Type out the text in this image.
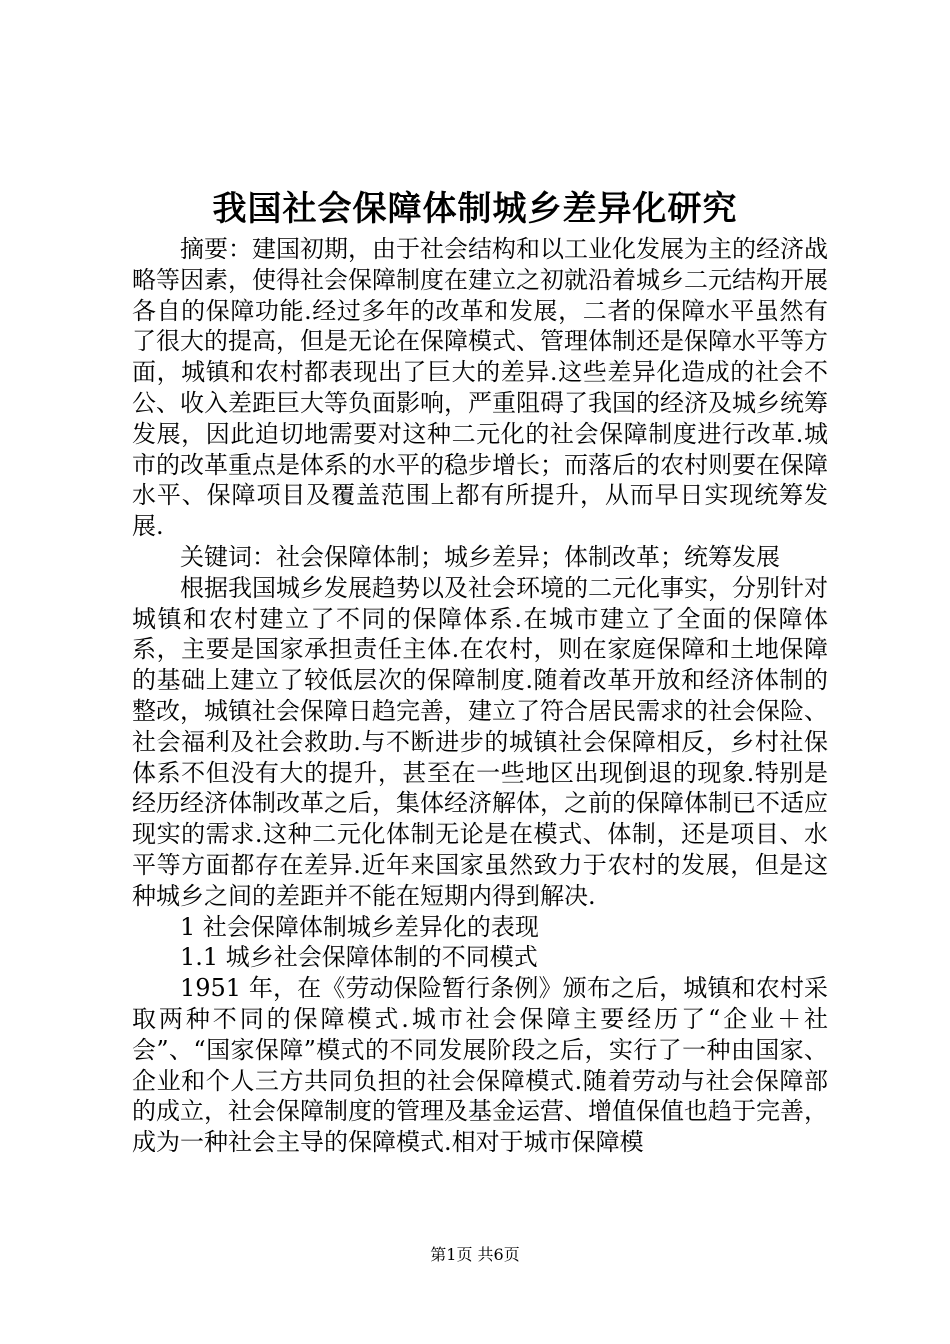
我国社会保障体制城乡差异化研究

摘要：建国初期，由于社会结构和以工业化发展为主的经济战略等因素，使得社会保障制度在建立之初就沿着城乡二元结构开展各自的保障功能.经过多年的改革和发展，二者的保障水平虽然有了很大的提高，但是无论在保障模式、管理体制还是保障水平等方面，城镇和农村都表现出了巨大的差异.这些差异化造成的社会不公、收入差距巨大等负面影响，严重阻碍了我国的经济及城乡统筹发展，因此迫切地需要对这种二元化的社会保障制度进行改革.城市的改革重点是体系的水平的稳步增长；而落后的农村则要在保障水平、保障项目及覆盖范围上都有所提升，从而早日实现统筹发展.

关键词：社会保障体制；城乡差异；体制改革；统筹发展

根据我国城乡发展趋势以及社会环境的二元化事实，分别针对城镇和农村建立了不同的保障体系.在城市建立了全面的保障体系，主要是国家承担责任主体.在农村，则在家庭保障和土地保障的基础上建立了较低层次的保障制度.随着改革开放和经济体制的整改，城镇社会保障日趋完善，建立了符合居民需求的社会保险、社会福利及社会救助.与不断进步的城镇社会保障相反，乡村社保体系不但没有大的提升，甚至在一些地区出现倒退的现象.特别是经历经济体制改革之后，集体经济解体，之前的保障体制已不适应现实的需求.这种二元化体制无论是在模式、体制，还是项目、水平等方面都存在差异.近年来国家虽然致力于农村的发展，但是这种城乡之间的差距并不能在短期内得到解决.

1 社会保障体制城乡差异化的表现

1.1 城乡社会保障体制的不同模式

1951 年，在《劳动保险暂行条例》颁布之后，城镇和农村采取两种不同的保障模式.城市社会保障主要经历了“企业＋社会”、“国家保障”模式的不同发展阶段之后，实行了一种由国家、企业和个人三方共同负担的社会保障模式.随着劳动与社会保障部的成立，社会保障制度的管理及基金运营、增值保值也趋于完善，成为一种社会主导的保障模式.相对于城市保障模

第1页 共6页
